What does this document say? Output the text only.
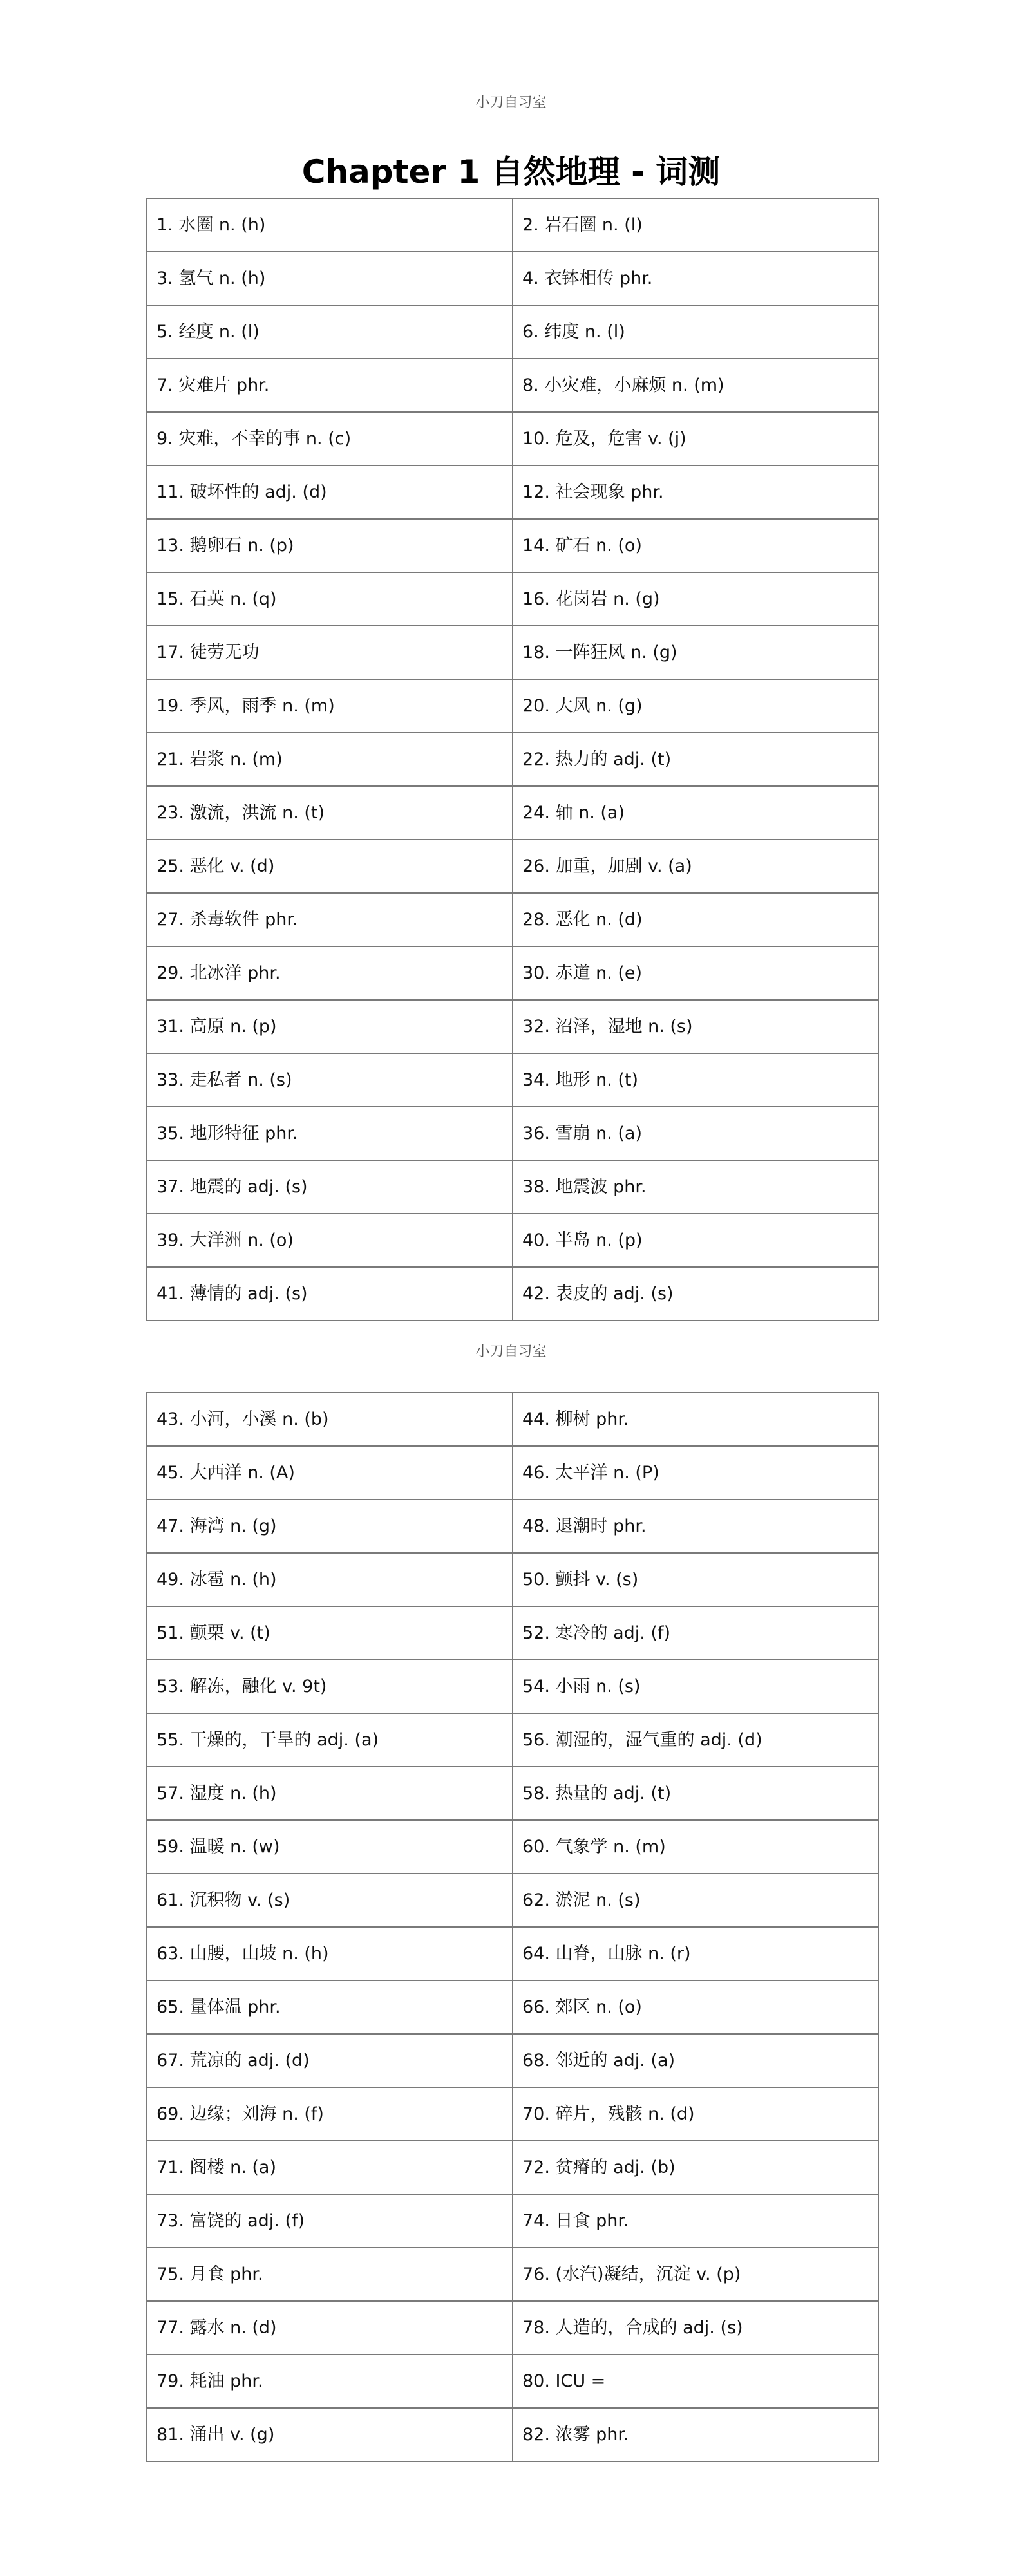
小刀自习室
Chapter 1 自然地理 - 词测
1. 水圈 n. (h)	2. 岩石圈 n. (l)
3. 氢气 n. (h)	4. 衣钵相传 phr.
5. 经度 n. (l)	6. 纬度 n. (l)
7. 灾难片 phr.	8. 小灾难，小麻烦 n. (m)
9. 灾难，不幸的事 n. (c)	10. 危及，危害 v. (j)
11. 破坏性的 adj. (d)	12. 社会现象 phr.
13. 鹅卵石 n. (p)	14. 矿石 n. (o)
15. 石英 n. (q)	16. 花岗岩 n. (g)
17. 徒劳无功	18. 一阵狂风 n. (g)
19. 季风，雨季 n. (m)	20. 大风 n. (g)
21. 岩浆 n. (m)	22. 热力的 adj. (t)
23. 激流，洪流 n. (t)	24. 轴 n. (a)
25. 恶化 v. (d)	26. 加重，加剧 v. (a)
27. 杀毒软件 phr.	28. 恶化 n. (d)
29. 北冰洋 phr.	30. 赤道 n. (e)
31. 高原 n. (p)	32. 沼泽，湿地 n. (s)
33. 走私者 n. (s)	34. 地形 n. (t)
35. 地形特征 phr.	36. 雪崩 n. (a)
37. 地震的 adj. (s)	38. 地震波 phr.
39. 大洋洲 n. (o)	40. 半岛 n. (p)
41. 薄情的 adj. (s)	42. 表皮的 adj. (s)
小刀自习室
43. 小河，小溪 n. (b)	44. 柳树 phr.
45. 大西洋 n. (A)	46. 太平洋 n. (P)
47. 海湾 n. (g)	48. 退潮时 phr.
49. 冰雹 n. (h)	50. 颤抖 v. (s)
51. 颤栗 v. (t)	52. 寒冷的 adj. (f)
53. 解冻，融化 v. 9t)	54. 小雨 n. (s)
55. 干燥的，干旱的 adj. (a)	56. 潮湿的，湿气重的 adj. (d)
57. 湿度 n. (h)	58. 热量的 adj. (t)
59. 温暖 n. (w)	60. 气象学 n. (m)
61. 沉积物 v. (s)	62. 淤泥 n. (s)
63. 山腰，山坡 n. (h)	64. 山脊，山脉 n. (r)
65. 量体温 phr.	66. 郊区 n. (o)
67. 荒凉的 adj. (d)	68. 邻近的 adj. (a)
69. 边缘；刘海 n. (f)	70. 碎片，残骸 n. (d)
71. 阁楼 n. (a)	72. 贫瘠的 adj. (b)
73. 富饶的 adj. (f)	74. 日食 phr.
75. 月食 phr.	76. (水汽)凝结，沉淀 v. (p)
77. 露水 n. (d)	78. 人造的，合成的 adj. (s)
79. 耗油 phr.	80. ICU =
81. 涌出 v. (g)	82. 浓雾 phr.
